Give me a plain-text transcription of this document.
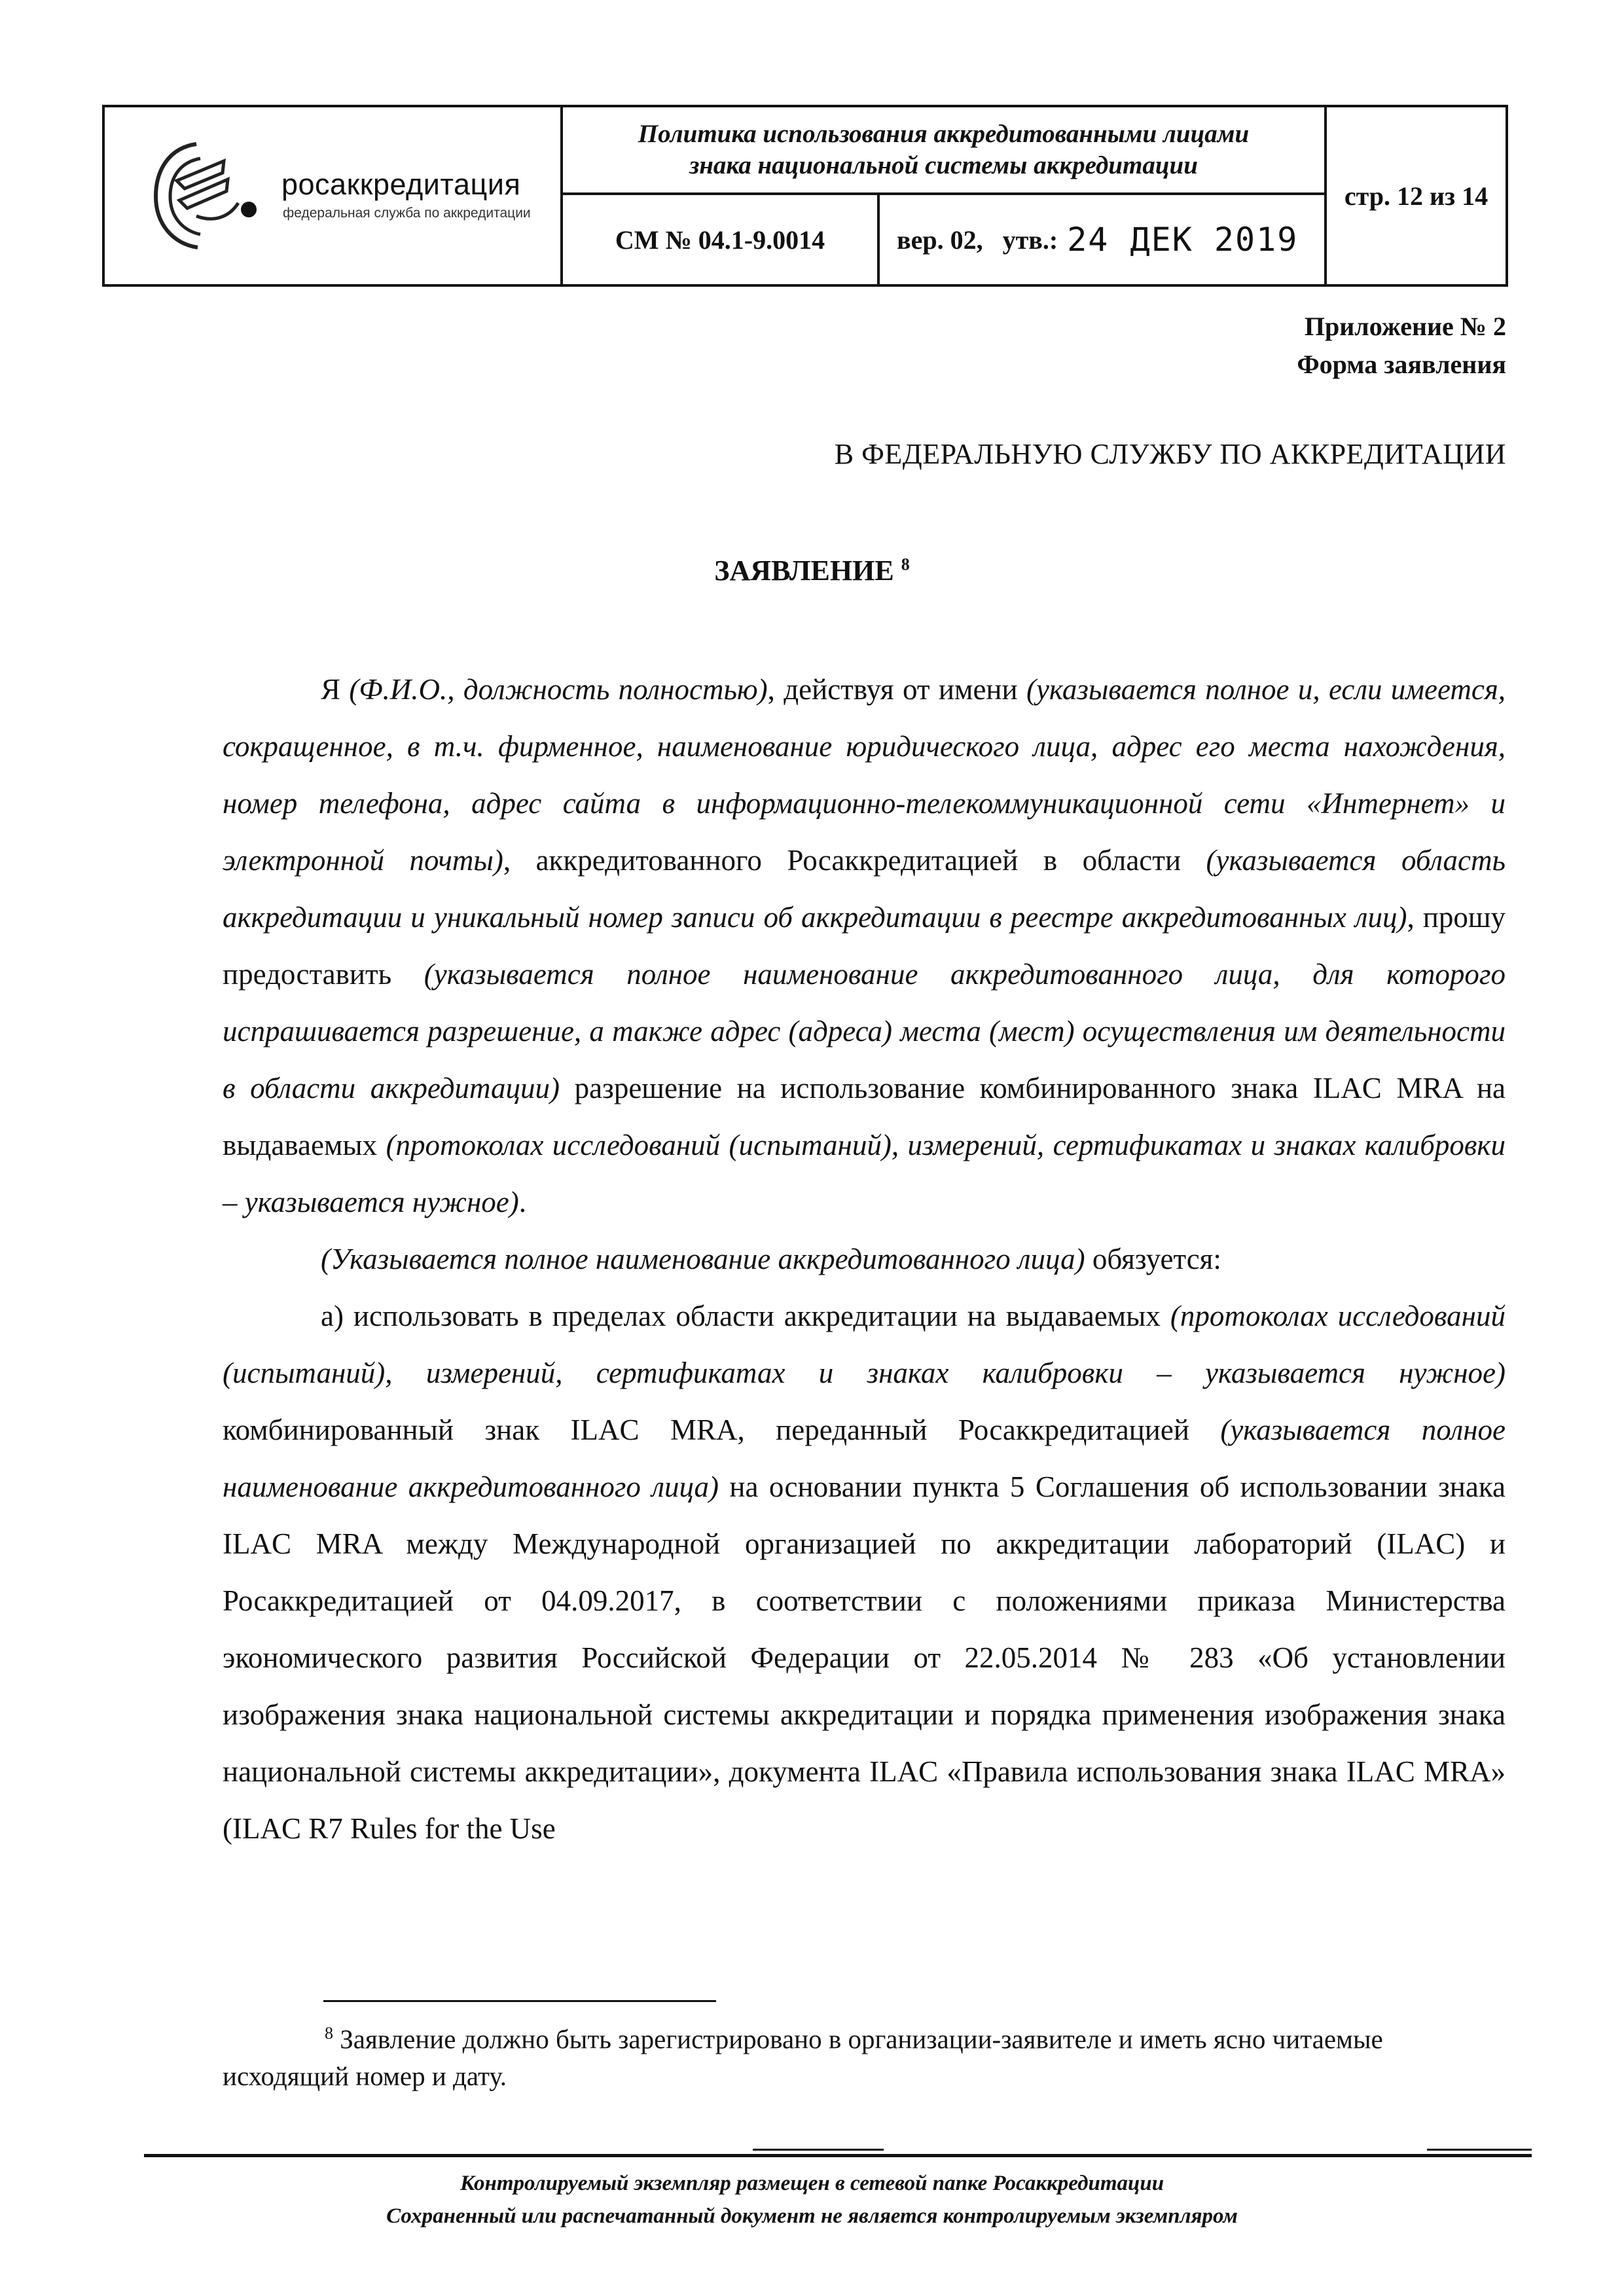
росаккредитация
федеральная служба по аккредитации
Политика использования аккредитованными лицами
знака национальной системы аккредитации
СМ № 04.1-9.0014	вер. 02, утв.: 24 ДЕК 2019
стр. 12 из 14
Приложение № 2
Форма заявления
В ФЕДЕРАЛЬНУЮ СЛУЖБУ ПО АККРЕДИТАЦИИ
ЗАЯВЛЕНИЕ $^8$

Я (Ф.И.О., должность полностью), действуя от имени (указывается полное и, если имеется, сокращенное, в т.ч. фирменное, наименование юридического лица, адрес его места нахождения, номер телефона, адрес сайта в информационно-телекоммуникационной сети «Интернет» и электронной почты), аккредитованного Росаккредитацией в области (указывается область аккредитации и уникальный номер записи об аккредитации в реестре аккредитованных лиц), прошу предоставить (указывается полное наименование аккредитованного лица, для которого испрашивается разрешение, а также адрес (адреса) места (мест) осуществления им деятельности в области аккредитации) разрешение на использование комбинированного знака ILAC MRA на выдаваемых (протоколах исследований (испытаний), измерений, сертификатах и знаках калибровки – указывается нужное).

(Указывается полное наименование аккредитованного лица) обязуется:

а) использовать в пределах области аккредитации на выдаваемых (протоколах исследований (испытаний), измерений, сертификатах и знаках калибровки – указывается нужное) комбинированный знак ILAC MRA, переданный Росаккредитацией (указывается полное наименование аккредитованного лица) на основании пункта 5 Соглашения об использовании знака ILAC MRA между Международной организацией по аккредитации лабораторий (ILAC) и Росаккредитацией от 04.09.2017, в соответствии с положениями приказа Министерства экономического развития Российской Федерации от 22.05.2014 № 283 «Об установлении изображения знака национальной системы аккредитации и порядка применения изображения знака национальной системы аккредитации», документа ILAC «Правила использования знака ILAC MRA» (ILAC R7 Rules for the Use

$^8$ Заявление должно быть зарегистрировано в организации-заявителе и иметь ясно читаемые исходящий номер и дату.
Контролируемый экземпляр размещен в сетевой папке Росаккредитации
Сохраненный или распечатанный документ не является контролируемым экземпляром
